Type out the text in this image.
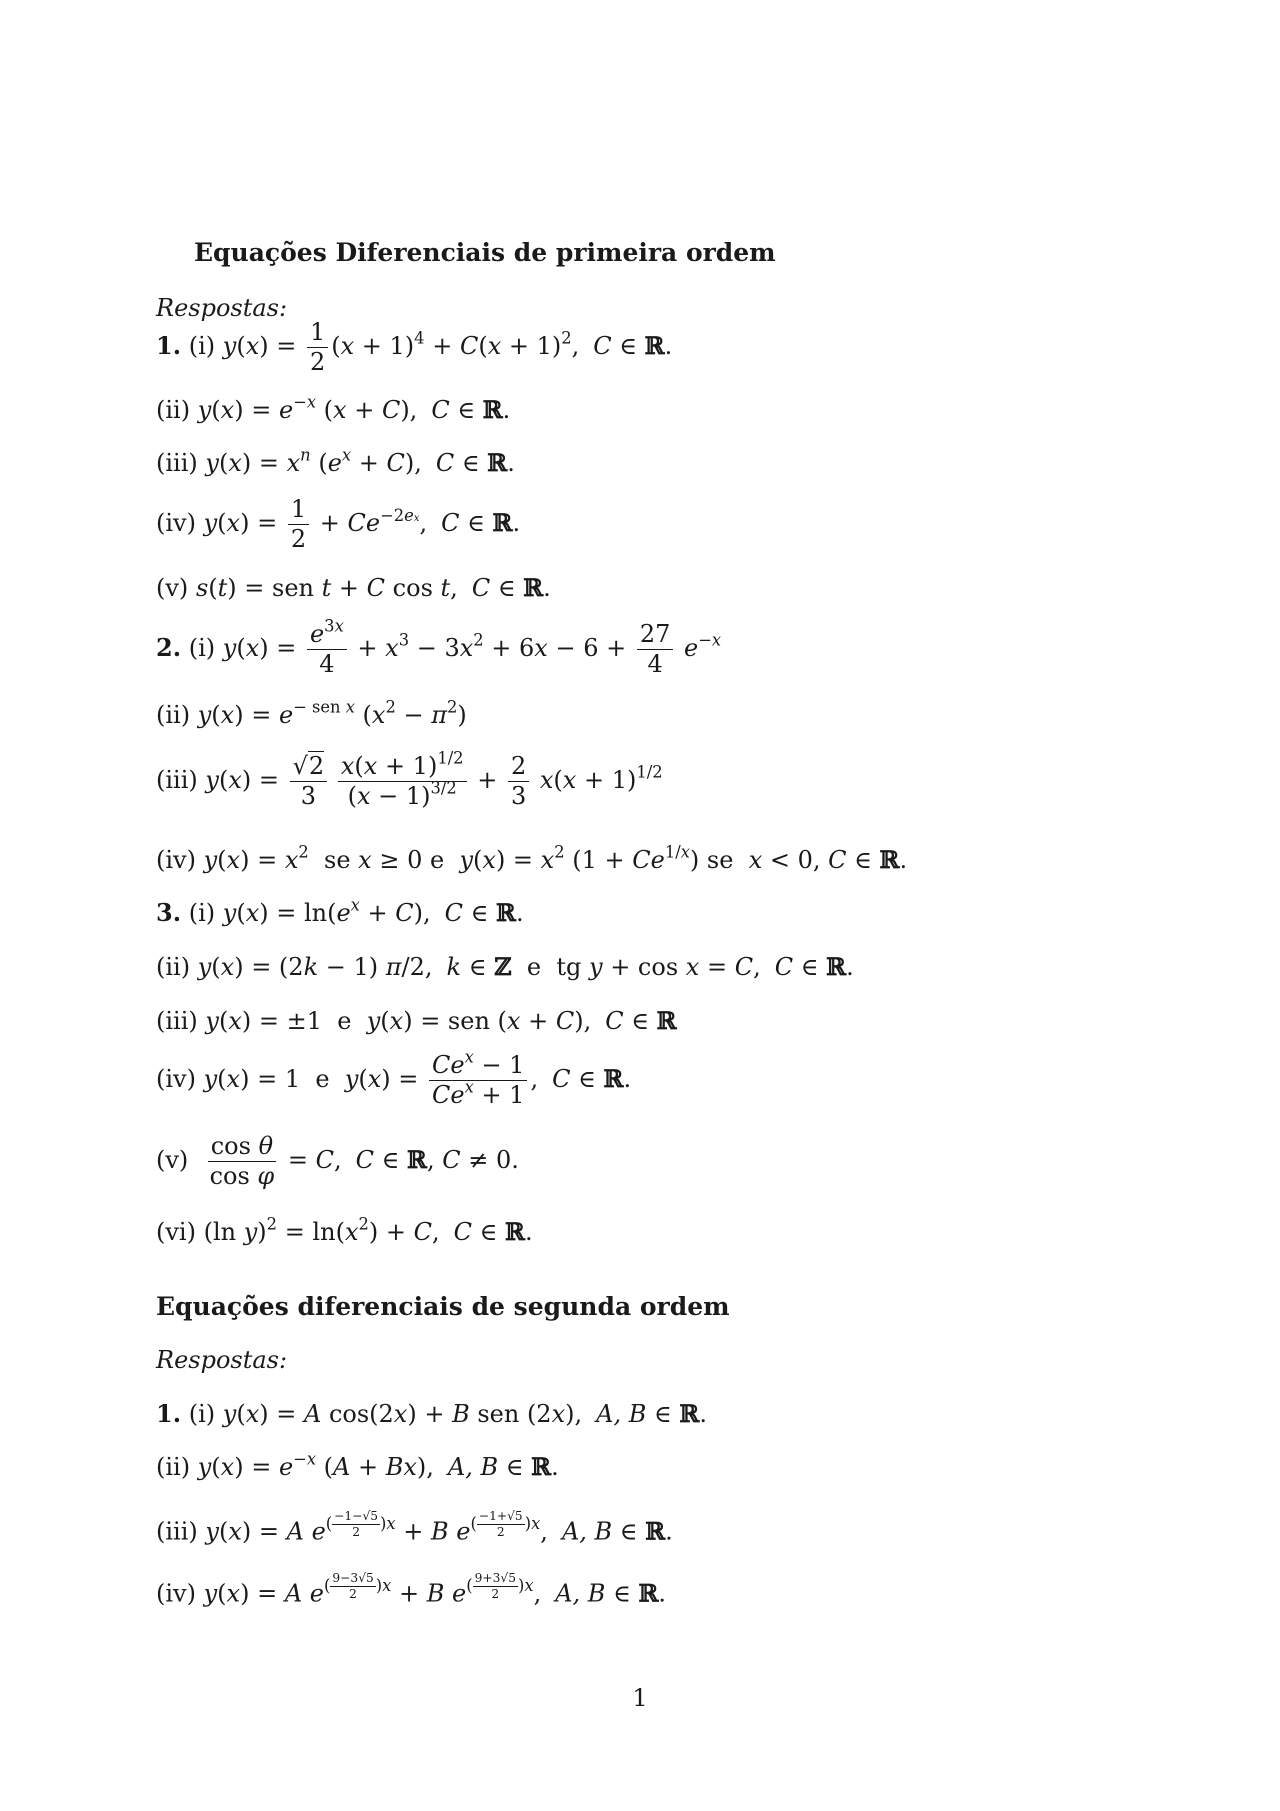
Equações Diferenciais de primeira ordem
Respostas:
1. (i) $y(x) = \frac{1}{2} (x + 1)^4 + C(x + 1)^2$, C ∈ ℝ.
(ii) $y(x) = e^{-x}$ (x + C), C ∈ ℝ.
(iii) $y(x) = x^n$ $(e^x + C)$, C ∈ ℝ.
(iv) $y(x) = \frac{1}{2} + Ce^{-2ex}$, C ∈ ℝ.
(v) s(t) = sen t + C cos t, C ∈ ℝ.
2. (i) $y(x) = \frac{e^{3x}}{4} + x^3 - 3x^2 + 6x - 6 + \frac{27}{4} e^{-x}$
(ii) $y(x) = e^{- sen x}$ $(x^2 - \pi^2)$
(iii) $y(x) = \frac{√2}{3}$
$\frac{x(x + 1)^{1/2}}{(x - 1)^{3/2}} + \frac{2}{3} x(x + 1)^{1/2}$
(iv) $y(x) = x^2$  se x ≥ 0 e  $y(x) = x^2$ $(1 + Ce^{1/x})$ se  x < 0, C ∈ ℝ.
3. (i) $y(x) = \ln(e^x + C)$, C ∈ ℝ.
(ii) y(x) = (2k − 1) π/2, k ∈ ℤ  e  tg y + cos x = C, C ∈ ℝ.
(iii) y(x) = ±1  e  y(x) = sen (x + C), C ∈ ℝ
(iv) y(x) = 1  e  $y(x) = \frac{Ce^x - 1}{Ce^x + 1}$ , C ∈ ℝ.
$(v) \frac{\text{cos θ}}{\text{cos φ}} = C$, C ∈ ℝ, C ≠ 0.
(vi) (ln $y)^2 = \ln(x^2) + C$, C ∈ ℝ.
Equações diferenciais de segunda ordem
Respostas:
1. (i) y(x) = A cos(2x) + B sen (2x), A, B ∈ ℝ.
(ii) $y(x) = e^{-x}$ (A + Bx), A, B ∈ ℝ.
(iii) y(x) = A $e^{( \frac{-1-√5}{2} )x} + B$ $e^{( \frac{-1+√5}{2} )x}$, A, B ∈ ℝ.
(iv) y(x) = A $e^{( \frac{9-3√5}{2} )x} + B$ $e^{( \frac{9+3√5}{2} )x}$, A, B ∈ ℝ.
1
